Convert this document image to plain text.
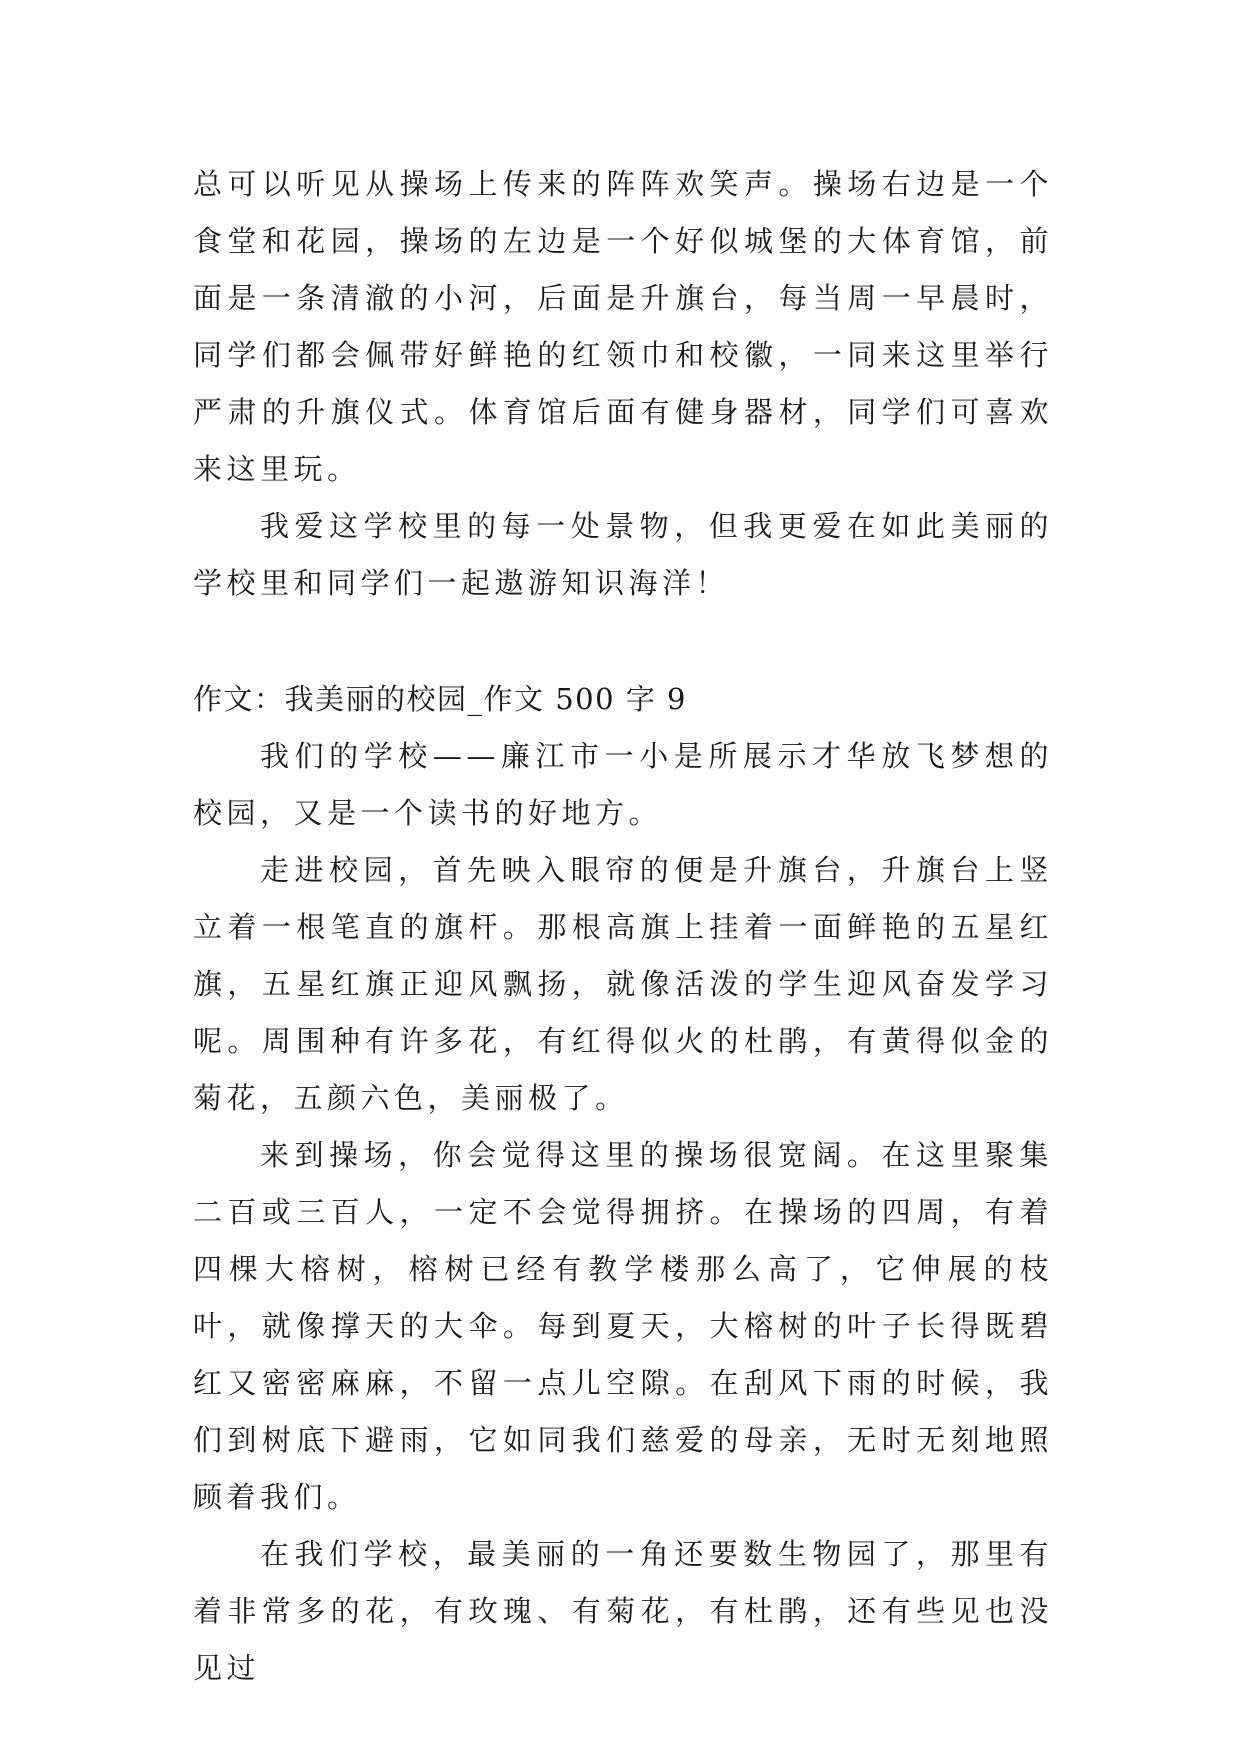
总可以听见从操场上传来的阵阵欢笑声。操场右边是一个食堂和花园，操场的左边是一个好似城堡的大体育馆，前面是一条清澈的小河，后面是升旗台，每当周一早晨时，同学们都会佩带好鲜艳的红领巾和校徽，一同来这里举行严肃的升旗仪式。体育馆后面有健身器材，同学们可喜欢来这里玩。

我爱这学校里的每一处景物，但我更爱在如此美丽的学校里和同学们一起遨游知识海洋！

作文：我美丽的校园_作文 500 字 9

我们的学校——廉江市一小是所展示才华放飞梦想的校园，又是一个读书的好地方。

走进校园，首先映入眼帘的便是升旗台，升旗台上竖立着一根笔直的旗杆。那根高旗上挂着一面鲜艳的五星红旗，五星红旗正迎风飘扬，就像活泼的学生迎风奋发学习呢。周围种有许多花，有红得似火的杜鹃，有黄得似金的菊花，五颜六色，美丽极了。

来到操场，你会觉得这里的操场很宽阔。在这里聚集二百或三百人，一定不会觉得拥挤。在操场的四周，有着四棵大榕树，榕树已经有教学楼那么高了，它伸展的枝叶，就像撑天的大伞。每到夏天，大榕树的叶子长得既碧红又密密麻麻，不留一点儿空隙。在刮风下雨的时候，我们到树底下避雨，它如同我们慈爱的母亲，无时无刻地照顾着我们。

在我们学校，最美丽的一角还要数生物园了，那里有着非常多的花，有玫瑰、有菊花，有杜鹃，还有些见也没见过
